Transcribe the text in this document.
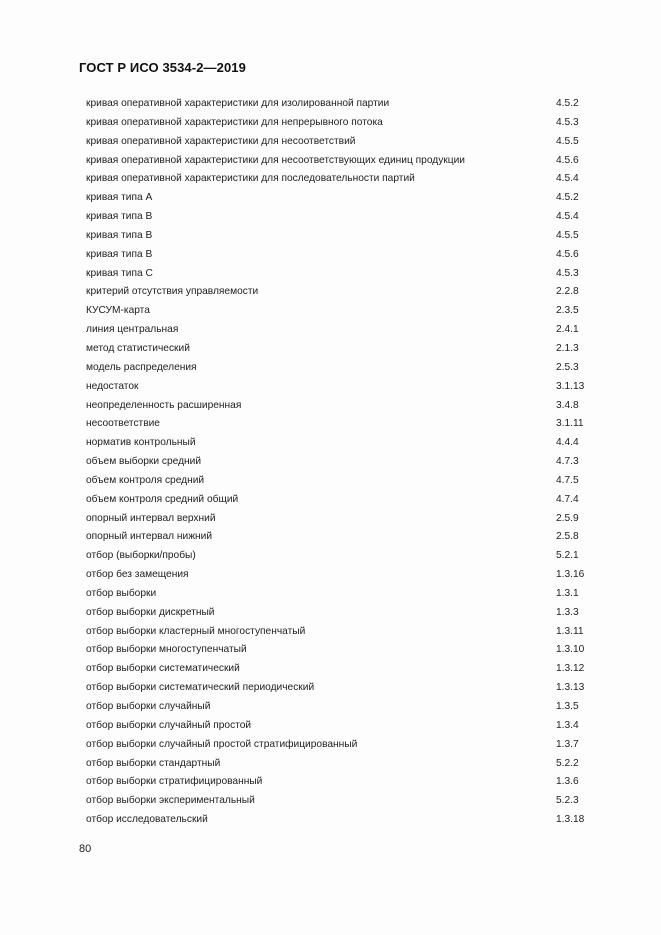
ГОСТ Р ИСО 3534-2—2019
кривая оперативной характеристики для изолированной партии	4.5.2
кривая оперативной характеристики для непрерывного потока	4.5.3
кривая оперативной характеристики для несоответствий	4.5.5
кривая оперативной характеристики для несоответствующих единиц продукции	4.5.6
кривая оперативной характеристики для последовательности партий	4.5.4
кривая типа А	4.5.2
кривая типа В	4.5.4
кривая типа В	4.5.5
кривая типа В	4.5.6
кривая типа С	4.5.3
критерий отсутствия управляемости	2.2.8
КУСУМ-карта	2.3.5
линия центральная	2.4.1
метод статистический	2.1.3
модель распределения	2.5.3
недостаток	3.1.13
неопределенность расширенная	3.4.8
несоответствие	3.1.11
норматив контрольный	4.4.4
объем выборки средний	4.7.3
объем контроля средний	4.7.5
объем контроля средний общий	4.7.4
опорный интервал верхний	2.5.9
опорный интервал нижний	2.5.8
отбор (выборки/пробы)	5.2.1
отбор без замещения	1.3.16
отбор выборки	1.3.1
отбор выборки дискретный	1.3.3
отбор выборки кластерный многоступенчатый	1.3.11
отбор выборки многоступенчатый	1.3.10
отбор выборки систематический	1.3.12
отбор выборки систематический периодический	1.3.13
отбор выборки случайный	1.3.5
отбор выборки случайный простой	1.3.4
отбор выборки случайный простой стратифицированный	1.3.7
отбор выборки стандартный	5.2.2
отбор выборки стратифицированный	1.3.6
отбор выборки экспериментальный	5.2.3
отбор исследовательский	1.3.18
80
